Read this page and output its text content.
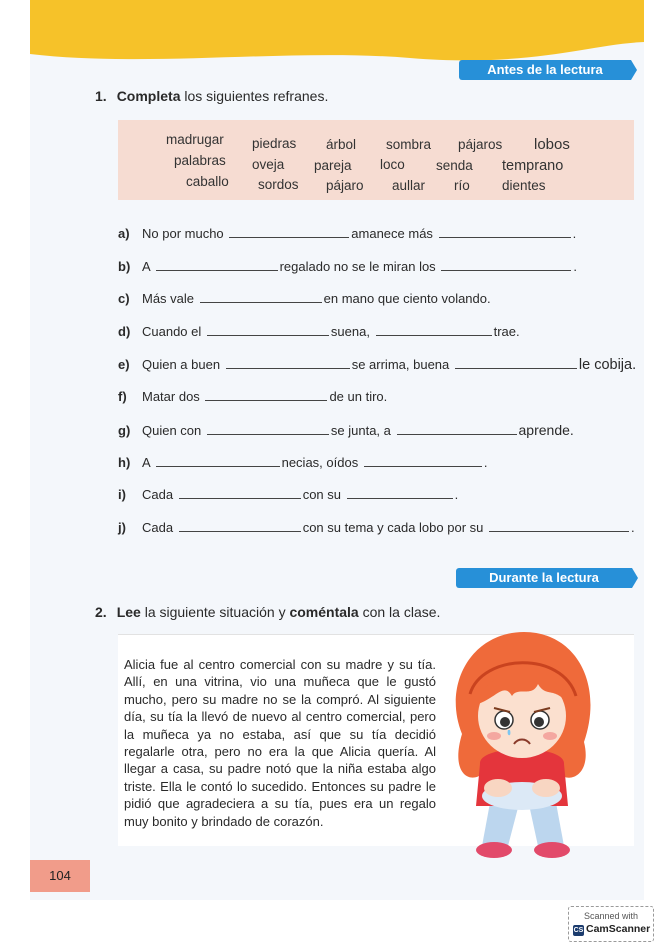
Antes de la lectura
1. Completa los siguientes refranes.
madrugar piedras árbol sombra pájaros lobos
palabras oveja pareja loco senda temprano
caballo sordos pájaro aullar río dientes
a) No por mucho	amanece más	.
b) A	regalado no se le miran los	.
c) Más vale	en mano que ciento volando.
d) Cuando el	suena,	trae.
e) Quien a buen	se arrima, buena	le cobija.
f) Matar dos	de un tiro.
g) Quien con	se junta, a	aprende.
h) A	necias, oídos	.
i) Cada	con su	.
j) Cada	con su tema y cada lobo por su	.
Durante la lectura
2. Lee la siguiente situación y coméntala con la clase.

Alicia fue al centro comercial con su madre y su tía. Allí, en una vitrina, vio una muñeca que le gustó mucho, pero su madre no se la compró. Al siguiente día, su tía la llevó de nuevo al centro comercial, pero la muñeca ya no estaba, así que su tía decidió regalarle otra, pero no era la que Alicia quería. Al llegar a casa, su padre notó que la niña estaba algo triste. Ella le contó lo sucedido. Entonces su padre le pidió que agradeciera a su tía, pues era un regalo muy bonito y brindado de corazón.

104
Scanned with
CS CamScanner
